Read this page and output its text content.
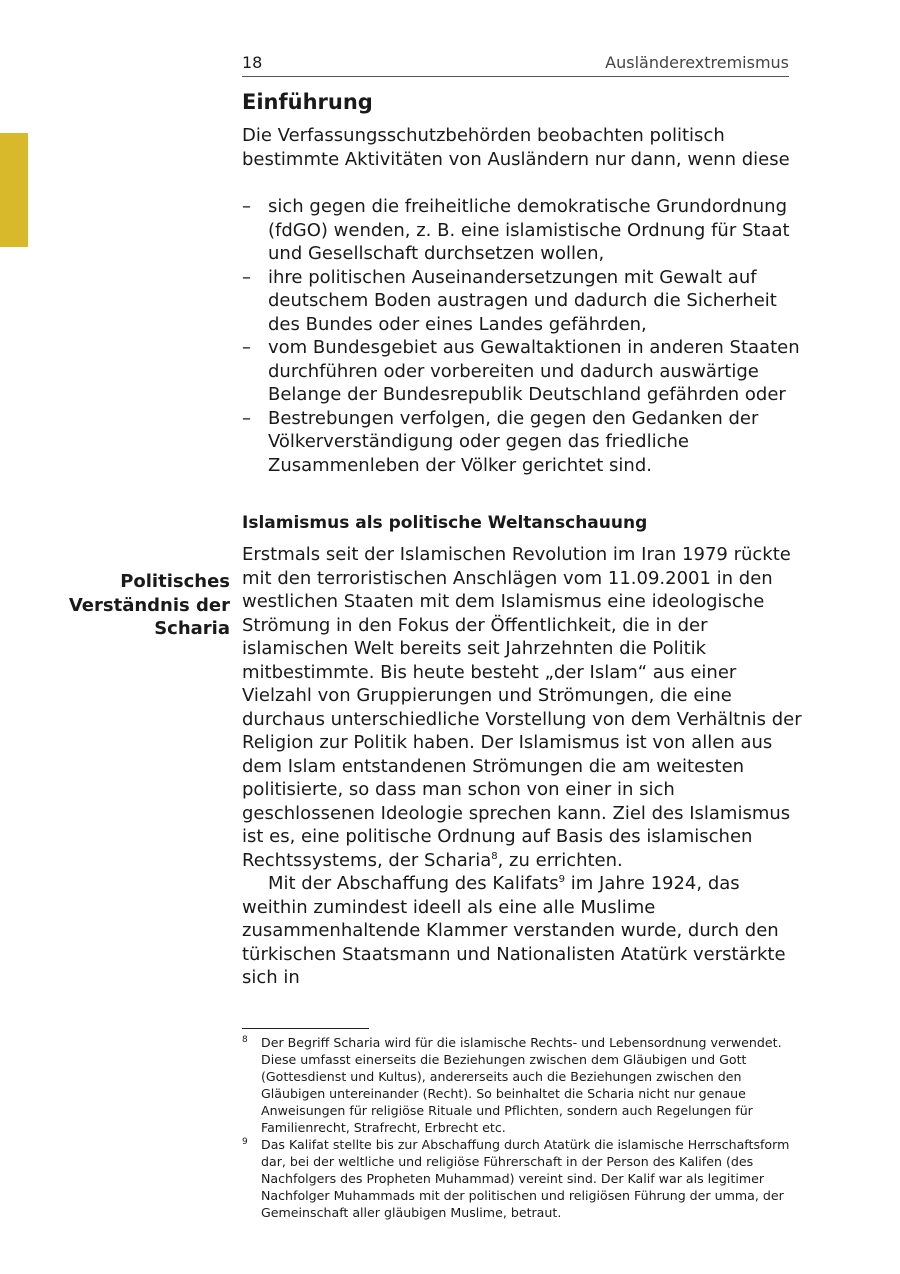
18	Ausländerextremismus
Politisches
Verständnis der
Scharia
Einführung

Die Verfassungsschutzbehörden beobachten politisch bestimmte Aktivitäten von Ausländern nur dann, wenn diese

– sich gegen die freiheitliche demokratische Grundordnung (fdGO) wenden, z. B. eine islamistische Ordnung für Staat und Gesellschaft durchsetzen wollen,
– ihre politischen Auseinandersetzungen mit Gewalt auf deutschem Boden austragen und dadurch die Sicherheit des Bundes oder eines Landes gefährden,
– vom Bundesgebiet aus Gewaltaktionen in anderen Staaten durchführen oder vorbereiten und dadurch auswärtige Belange der Bundesrepublik Deutschland gefährden oder
– Bestrebungen verfolgen, die gegen den Gedanken der Völkerverständigung oder gegen das friedliche Zusammenleben der Völker gerichtet sind.
Islamismus als politische Weltanschauung

Erstmals seit der Islamischen Revolution im Iran 1979 rückte mit den terroristischen Anschlägen vom 11.09.2001 in den westlichen Staaten mit dem Islamismus eine ideologische Strömung in den Fokus der Öffentlichkeit, die in der islamischen Welt bereits seit Jahrzehnten die Politik mitbestimmte. Bis heute besteht „der Islam“ aus einer Vielzahl von Gruppierungen und Strömungen, die eine durchaus unterschiedliche Vorstellung von dem Verhältnis der Religion zur Politik haben. Der Islamismus ist von allen aus dem Islam entstandenen Strömungen die am weitesten politisierte, so dass man schon von einer in sich geschlossenen Ideologie sprechen kann. Ziel des Islamismus ist es, eine politische Ordnung auf Basis des islamischen Rechtssystems, der Scharia$^8$, zu errichten.

Mit der Abschaffung des Kalifats$^9$ im Jahre 1924, das weithin zumindest ideell als eine alle Muslime zusammenhaltende Klammer verstanden wurde, durch den türkischen Staatsmann und Nationalisten Atatürk verstärkte sich in

8 Der Begriff Scharia wird für die islamische Rechts- und Lebensordnung verwendet. Diese umfasst einerseits die Beziehungen zwischen dem Gläubigen und Gott (Gottesdienst und Kultus), andererseits auch die Beziehungen zwischen den Gläubigen untereinander (Recht). So beinhaltet die Scharia nicht nur genaue Anweisungen für religiöse Rituale und Pflichten, sondern auch Regelungen für Familienrecht, Strafrecht, Erbrecht etc.
9 Das Kalifat stellte bis zur Abschaffung durch Atatürk die islamische Herrschaftsform dar, bei der weltliche und religiöse Führerschaft in der Person des Kalifen (des Nachfolgers des Propheten Muhammad) vereint sind. Der Kalif war als legitimer Nachfolger Muhammads mit der politischen und religiösen Führung der umma, der Gemeinschaft aller gläubigen Muslime, betraut.
